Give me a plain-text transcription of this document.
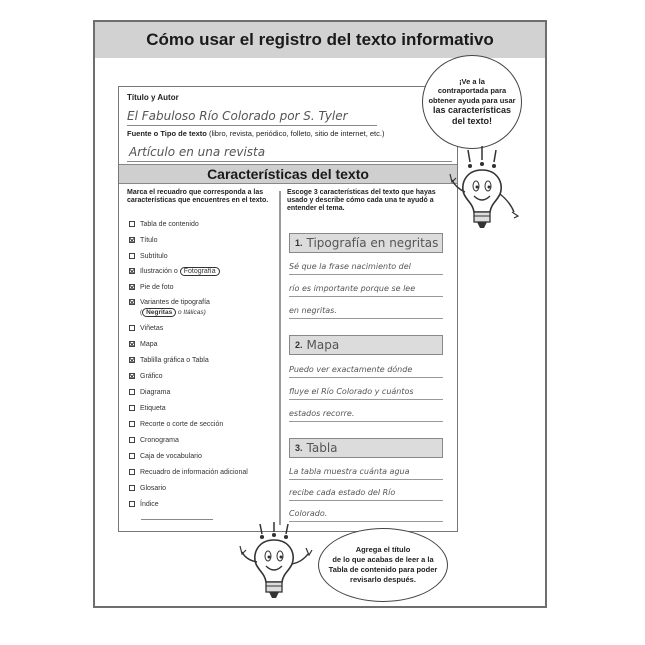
Cómo usar el registro del texto informativo
Título y Autor
El Fabuloso Río Colorado por S. Tyler
Fuente o Tipo de texto (libro, revista, periódico, folleto, sitio de internet, etc.)
Artículo en una revista
Características del texto
Marca el recuadro que corresponda a las características que encuentres en el texto.
Escoge 3 características del texto que hayas usado y describe cómo cada una te ayudó a entender el tema.
Tabla de contenido
Título
Subtítulo
Ilustración o Fotografía
Pie de foto
Variantes de tipografía
( Negritas o Itálicas)
Viñetas
Mapa
Tablilla gráfica o Tabla
Gráfico
Diagrama
Etiqueta
Recorte o corte de sección
Cronograma
Caja de vocabulario
Recuadro de información adicional
Glosario
Índice
1. Tipografía en negritas
Sé que la frase nacimiento del
río es importante porque se lee
en negritas.
2. Mapa
Puedo ver exactamente dónde
fluye el Río Colorado y cuántos
estados recorre.
3. Tabla
La tabla muestra cuánta agua
recibe cada estado del Río
Colorado.
¡Ve a la
contraportada para
obtener ayuda para usar
las características
del texto!
Agrega el título
de lo que acabas de leer a la
Tabla de contenido para poder
revisarlo después.
